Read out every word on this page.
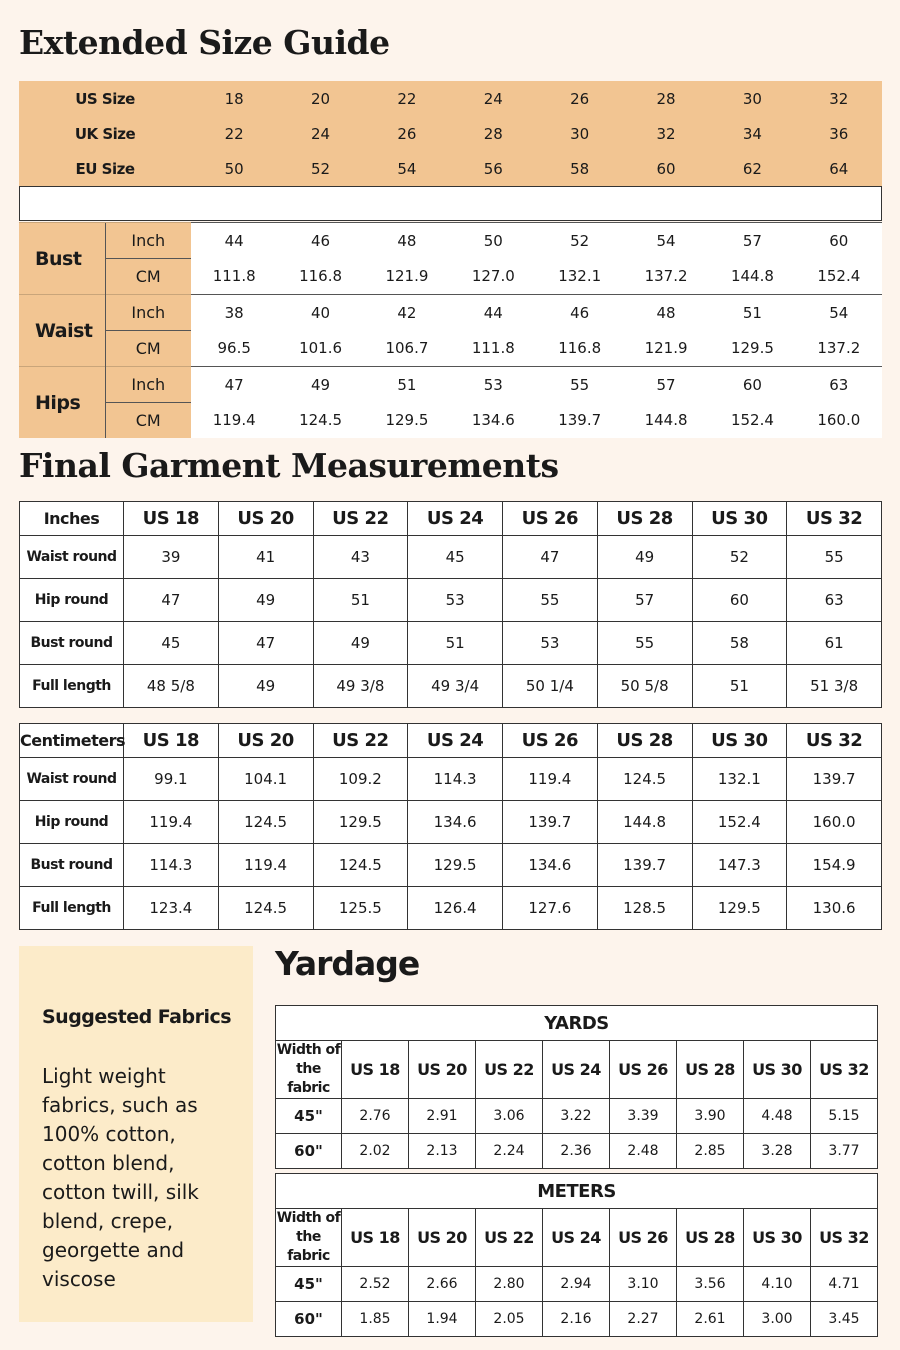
Extended Size Guide
Final Garment Measurements
Yardage
US Size	18	20	22	24	26	28	30	32
UK Size	22	24	26	28	30	32	34	36
EU Size	50	52	54	56	58	60	62	64
Bust	Inch	44	46	48	50	52	54	57	60
	CM	111.8	116.8	121.9	127.0	132.1	137.2	144.8	152.4
Waist	Inch	38	40	42	44	46	48	51	54
	CM	96.5	101.6	106.7	111.8	116.8	121.9	129.5	137.2
Hips	Inch	47	49	51	53	55	57	60	63
	CM	119.4	124.5	129.5	134.6	139.7	144.8	152.4	160.0
Inches	US 18	US 20	US 22	US 24	US 26	US 28	US 30	US 32
Waist round	39	41	43	45	47	49	52	55
Hip round	47	49	51	53	55	57	60	63
Bust round	45	47	49	51	53	55	58	61
Full length	48 5/8	49	49 3/8	49 3/4	50 1/4	50 5/8	51	51 3/8
Centimeters	US 18	US 20	US 22	US 24	US 26	US 28	US 30	US 32
Waist round	99.1	104.1	109.2	114.3	119.4	124.5	132.1	139.7
Hip round	119.4	124.5	129.5	134.6	139.7	144.8	152.4	160.0
Bust round	114.3	119.4	124.5	129.5	134.6	139.7	147.3	154.9
Full length	123.4	124.5	125.5	126.4	127.6	128.5	129.5	130.6
Suggested Fabrics
Light weight fabrics, such as 100% cotton, cotton blend, cotton twill, silk blend, crepe, georgette and viscose
YARDS								
Width of the fabric	US 18	US 20	US 22	US 24	US 26	US 28	US 30	US 32
45"	2.76	2.91	3.06	3.22	3.39	3.90	4.48	5.15
60"	2.02	2.13	2.24	2.36	2.48	2.85	3.28	3.77
METERS								
Width of the fabric	US 18	US 20	US 22	US 24	US 26	US 28	US 30	US 32
45"	2.52	2.66	2.80	2.94	3.10	3.56	4.10	4.71
60"	1.85	1.94	2.05	2.16	2.27	2.61	3.00	3.45
